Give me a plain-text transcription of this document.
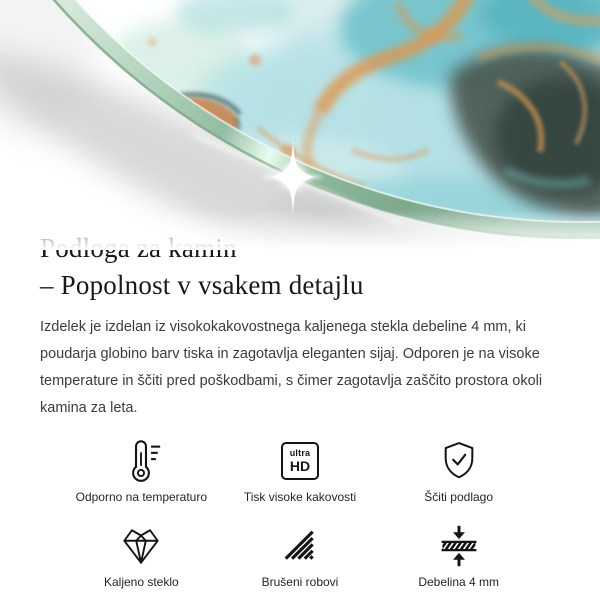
– Popolnost v vsakem detajlu

Izdelek je izdelan iz visokokakovostnega kaljenega stekla debeline 4 mm, ki poudarja globino barv tiska in zagotavlja eleganten sijaj. Odporen je na visoke temperature in ščiti pred poškodbami, s čimer zagotavlja zaščito prostora okoli kamina za leta.

Odporno na temperaturo
ultra
HD
Tisk visoke kakovosti	Ščiti podlago
Kaljeno steklo	Brušeni robovi	Debelina 4 mm
